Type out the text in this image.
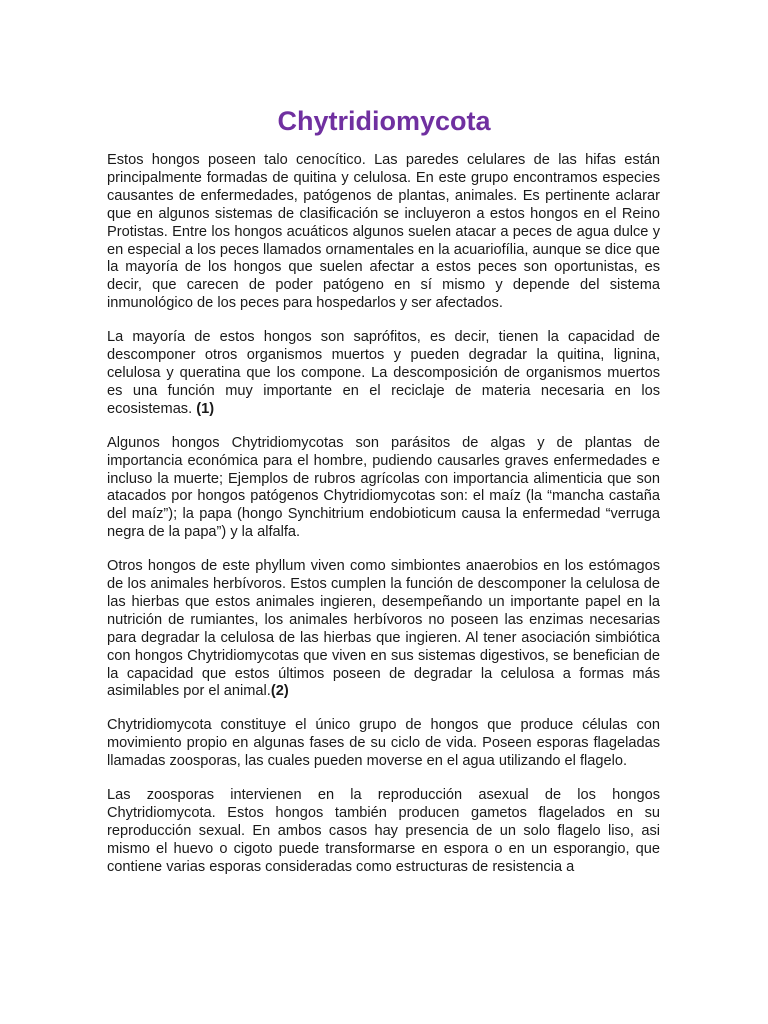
Chytridiomycota

Estos hongos poseen talo cenocítico. Las paredes celulares de las hifas están principalmente formadas de quitina y celulosa. En este grupo encontramos especies causantes de enfermedades, patógenos de plantas, animales. Es pertinente aclarar que en algunos sistemas de clasificación se incluyeron a estos hongos en el Reino Protistas. Entre los hongos acuáticos algunos suelen atacar a peces de agua dulce y en especial a los peces llamados ornamentales en la acuariofília, aunque se dice que la mayoría de los hongos que suelen afectar a estos peces son oportunistas, es decir, que carecen de poder patógeno en sí mismo y depende del sistema inmunológico de los peces para hospedarlos y ser afectados.

La mayoría de estos hongos son saprófitos, es decir, tienen la capacidad de descomponer otros organismos muertos y pueden degradar la quitina, lignina, celulosa y queratina que los compone. La descomposición de organismos muertos es una función muy importante en el reciclaje de materia necesaria en los ecosistemas. (1)

Algunos hongos Chytridiomycotas son parásitos de algas y de plantas de importancia económica para el hombre, pudiendo causarles graves enfermedades e incluso la muerte; Ejemplos de rubros agrícolas con importancia alimenticia que son atacados por hongos patógenos Chytridiomycotas son: el maíz (la “mancha castaña del maíz”); la papa (hongo Synchitrium endobioticum causa la enfermedad “verruga negra de la papa”) y la alfalfa.

Otros hongos de este phyllum viven como simbiontes anaerobios en los estómagos de los animales herbívoros. Estos cumplen la función de descomponer la celulosa de las hierbas que estos animales ingieren, desempeñando un importante papel en la nutrición de rumiantes, los animales herbívoros no poseen las enzimas necesarias para degradar la celulosa de las hierbas que ingieren. Al tener asociación simbiótica con hongos Chytridiomycotas que viven en sus sistemas digestivos, se benefician de la capacidad que estos últimos poseen de degradar la celulosa a formas más asimilables por el animal.(2)

Chytridiomycota constituye el único grupo de hongos que produce células con movimiento propio en algunas fases de su ciclo de vida. Poseen esporas flageladas llamadas zoosporas, las cuales pueden moverse en el agua utilizando el flagelo.

Las zoosporas intervienen en la reproducción asexual de los hongos Chytridiomycota. Estos hongos también producen gametos flagelados en su reproducción sexual. En ambos casos hay presencia de un solo flagelo liso, asi mismo el huevo o cigoto puede transformarse en espora o en un esporangio, que contiene varias esporas consideradas como estructuras de resistencia a
